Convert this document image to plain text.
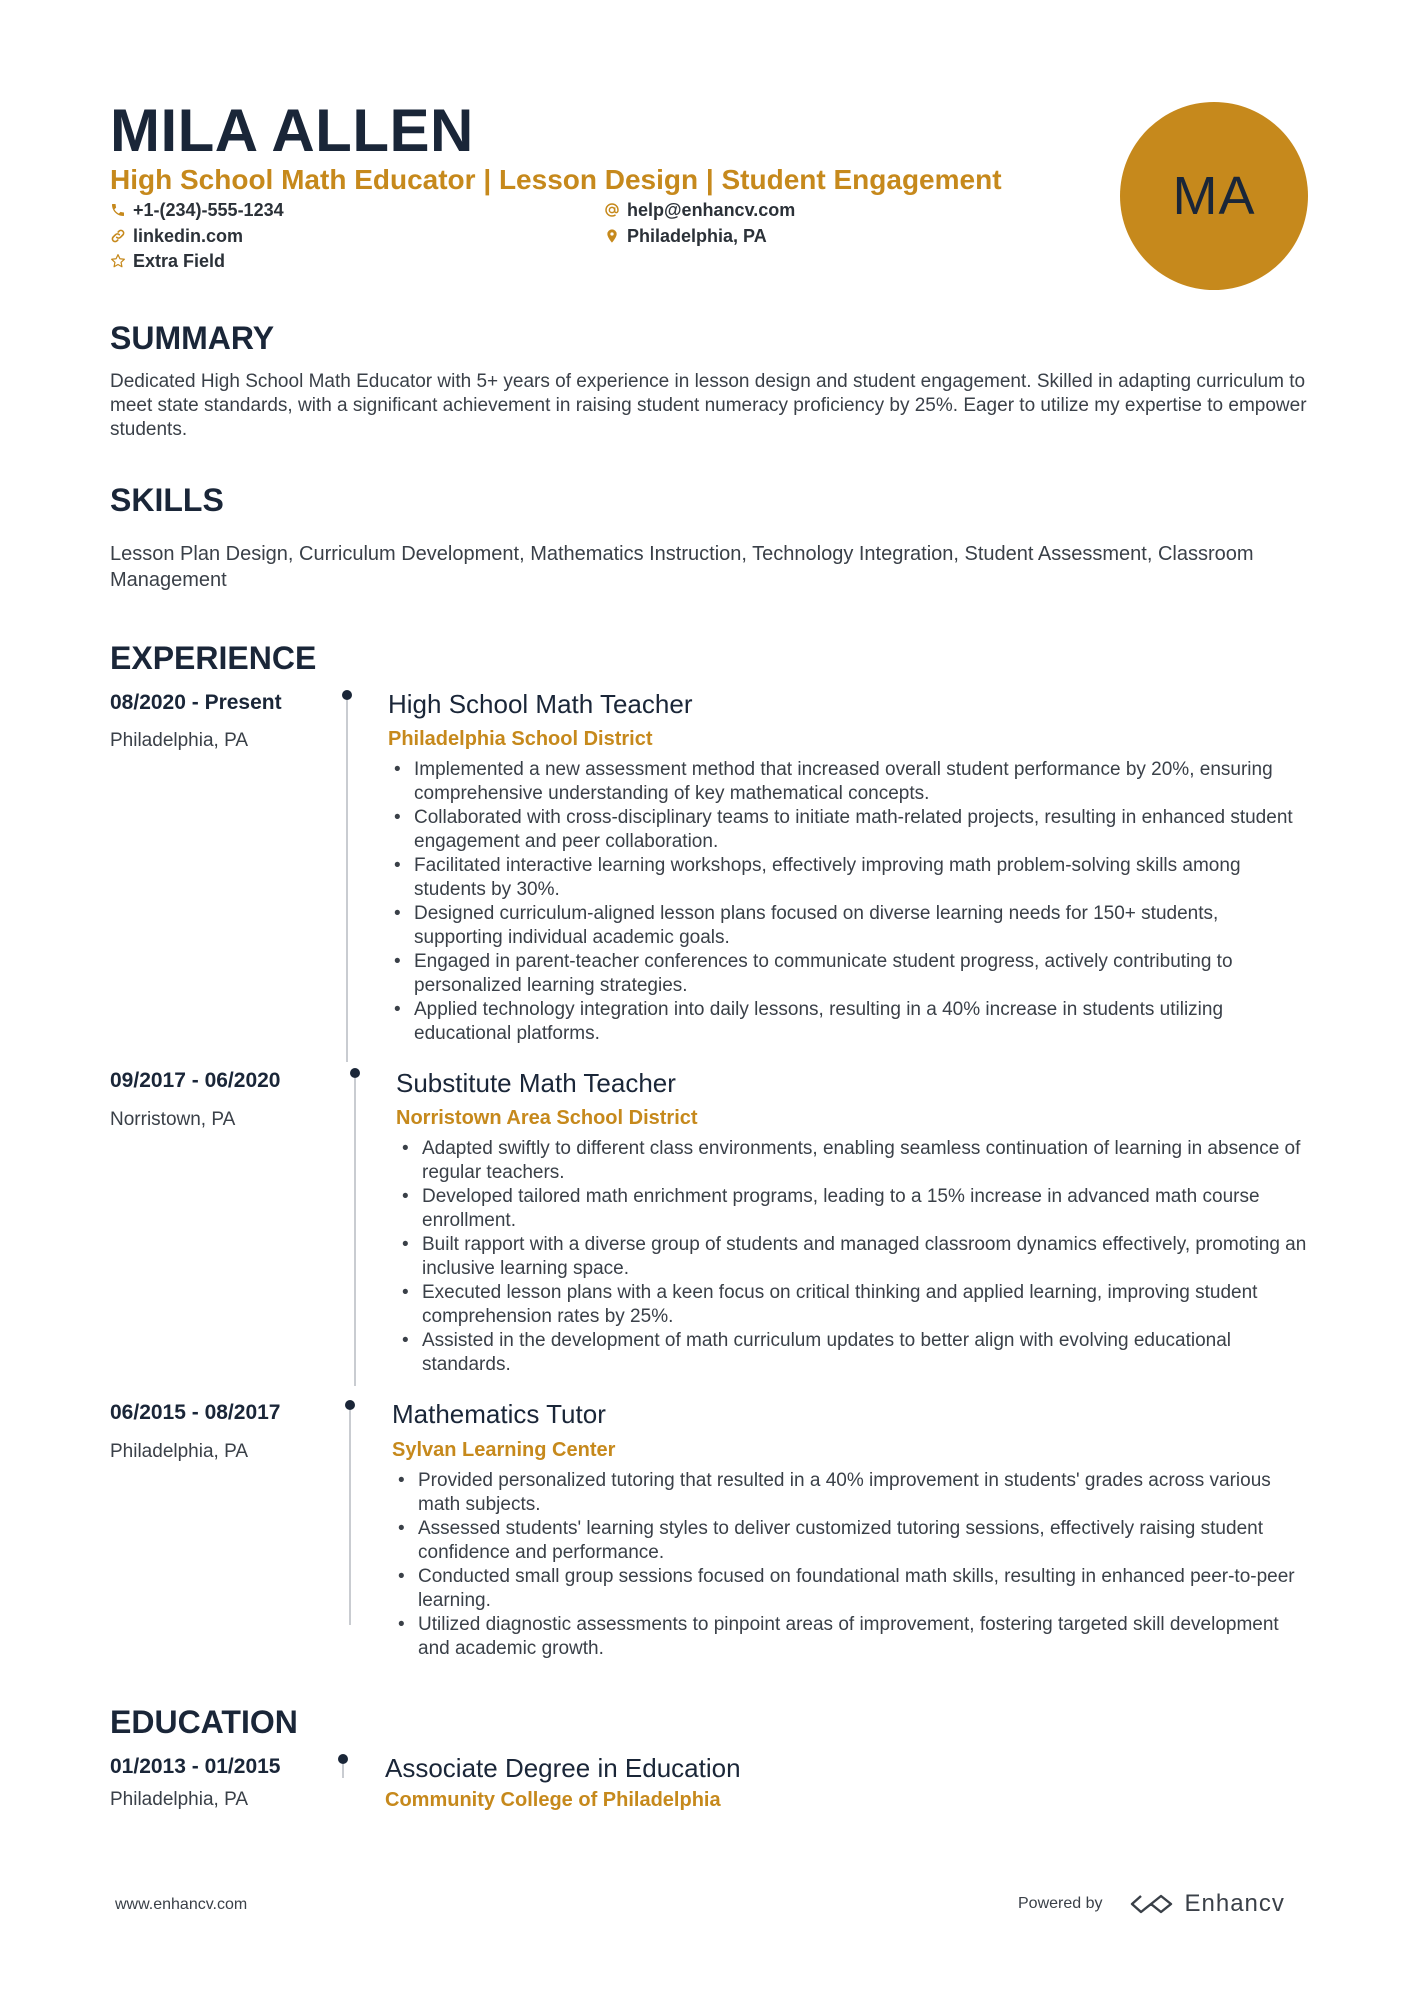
MILA ALLEN
High School Math Educator | Lesson Design | Student Engagement
+1-(234)-555-1234	help@enhancv.com
linkedin.com	Philadelphia, PA
Extra Field
MA
SUMMARY

Dedicated High School Math Educator with 5+ years of experience in lesson design and student engagement. Skilled in adapting curriculum to meet state standards, with a significant achievement in raising student numeracy proficiency by 25%. Eager to utilize my expertise to empower students.

SKILLS

Lesson Plan Design, Curriculum Development, Mathematics Instruction, Technology Integration, Student Assessment, Classroom Management

EXPERIENCE
08/2020 - Present
Philadelphia, PA
High School Math Teacher
Philadelphia School District
• Implemented a new assessment method that increased overall student performance by 20%, ensuring comprehensive understanding of key mathematical concepts.
• Collaborated with cross-disciplinary teams to initiate math-related projects, resulting in enhanced student engagement and peer collaboration.
• Facilitated interactive learning workshops, effectively improving math problem-solving skills among students by 30%.
• Designed curriculum-aligned lesson plans focused on diverse learning needs for 150+ students, supporting individual academic goals.
• Engaged in parent-teacher conferences to communicate student progress, actively contributing to personalized learning strategies.
• Applied technology integration into daily lessons, resulting in a 40% increase in students utilizing educational platforms.
09/2017 - 06/2020
Norristown, PA
Substitute Math Teacher
Norristown Area School District
• Adapted swiftly to different class environments, enabling seamless continuation of learning in absence of regular teachers.
• Developed tailored math enrichment programs, leading to a 15% increase in advanced math course enrollment.
• Built rapport with a diverse group of students and managed classroom dynamics effectively, promoting an inclusive learning space.
• Executed lesson plans with a keen focus on critical thinking and applied learning, improving student comprehension rates by 25%.
• Assisted in the development of math curriculum updates to better align with evolving educational standards.
06/2015 - 08/2017
Philadelphia, PA
Mathematics Tutor
Sylvan Learning Center
• Provided personalized tutoring that resulted in a 40% improvement in students' grades across various math subjects.
• Assessed students' learning styles to deliver customized tutoring sessions, effectively raising student confidence and performance.
• Conducted small group sessions focused on foundational math skills, resulting in enhanced peer-to-peer learning.
• Utilized diagnostic assessments to pinpoint areas of improvement, fostering targeted skill development and academic growth.
EDUCATION
01/2013 - 01/2015
Philadelphia, PA
Associate Degree in Education
Community College of Philadelphia
www.enhancv.com	Powered by	Enhancv
